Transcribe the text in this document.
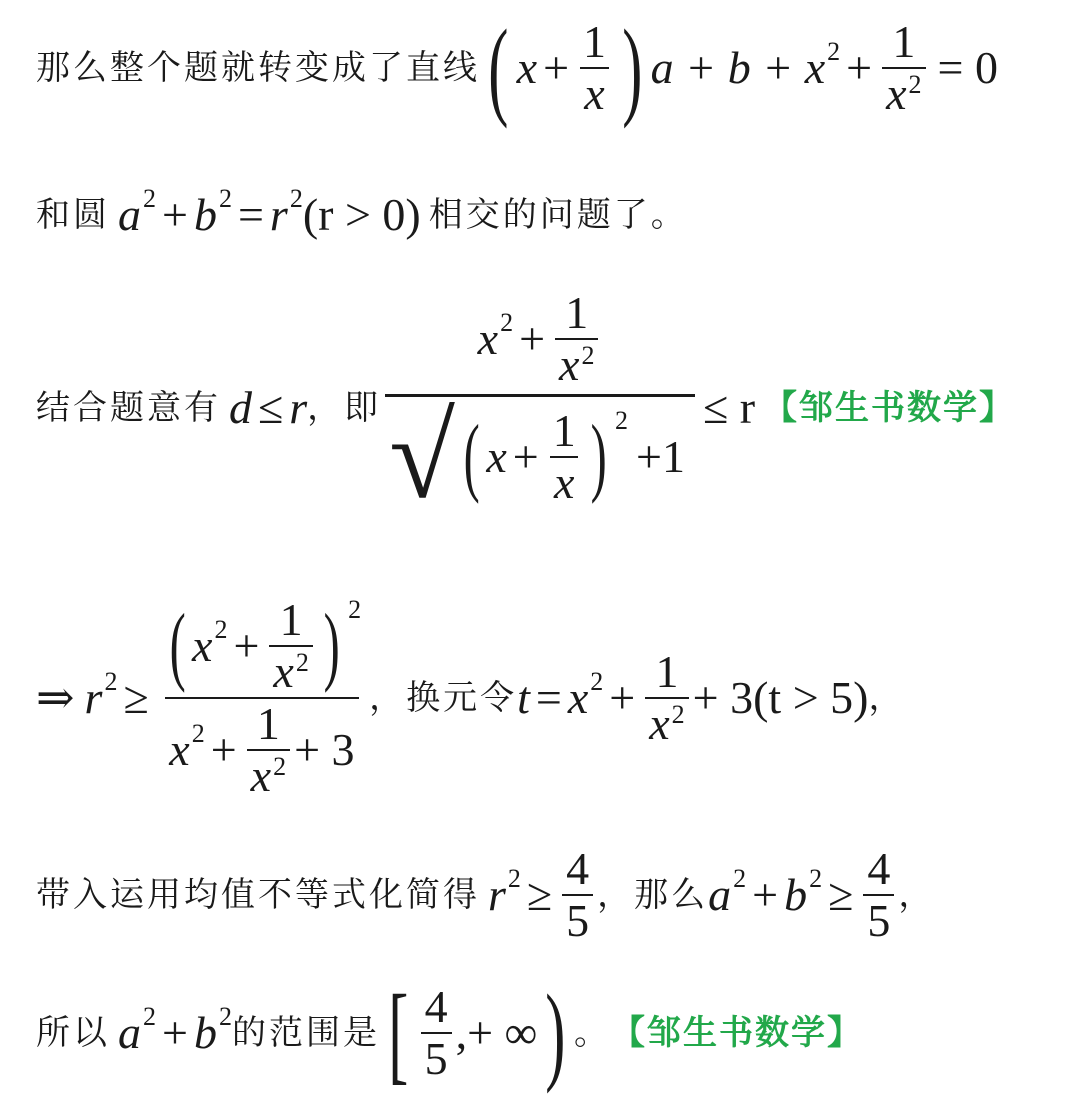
那么整个题就转变成了直线 ( $x + \frac{1}{x}$ ) $a + b + x^2 + \frac{1}{x^2} = 0$
和圆 $a^2 + b^2 = r^2$ (r > 0) 相交的问题了。
结合题意有 d ≤ r ，即
$x^2 + \frac{1}{x^2}$
√ ( $x + \frac{1}{x}$ ) $^2$
+1
≤ r 【邹生书数学】
⇒ $r^2$ ≥
( $x^2 + \frac{1}{x^2}$ ) $^2$
$x^2 + \frac{1}{x^2} + 3$
， 换元令 $t = x^2 + \frac{1}{x^2} + 3$ (t > 5) ，
带入运用均值不等式化简得 $r^2 \ge \frac{4}{5}$ ，那么 $a^2 + b^2 \ge \frac{4}{5}$ ，
所以 $a^2 + b^2$ 的范围是 [ $\frac{4}{5}$ , + ∞ ) 。 【邹生书数学】
